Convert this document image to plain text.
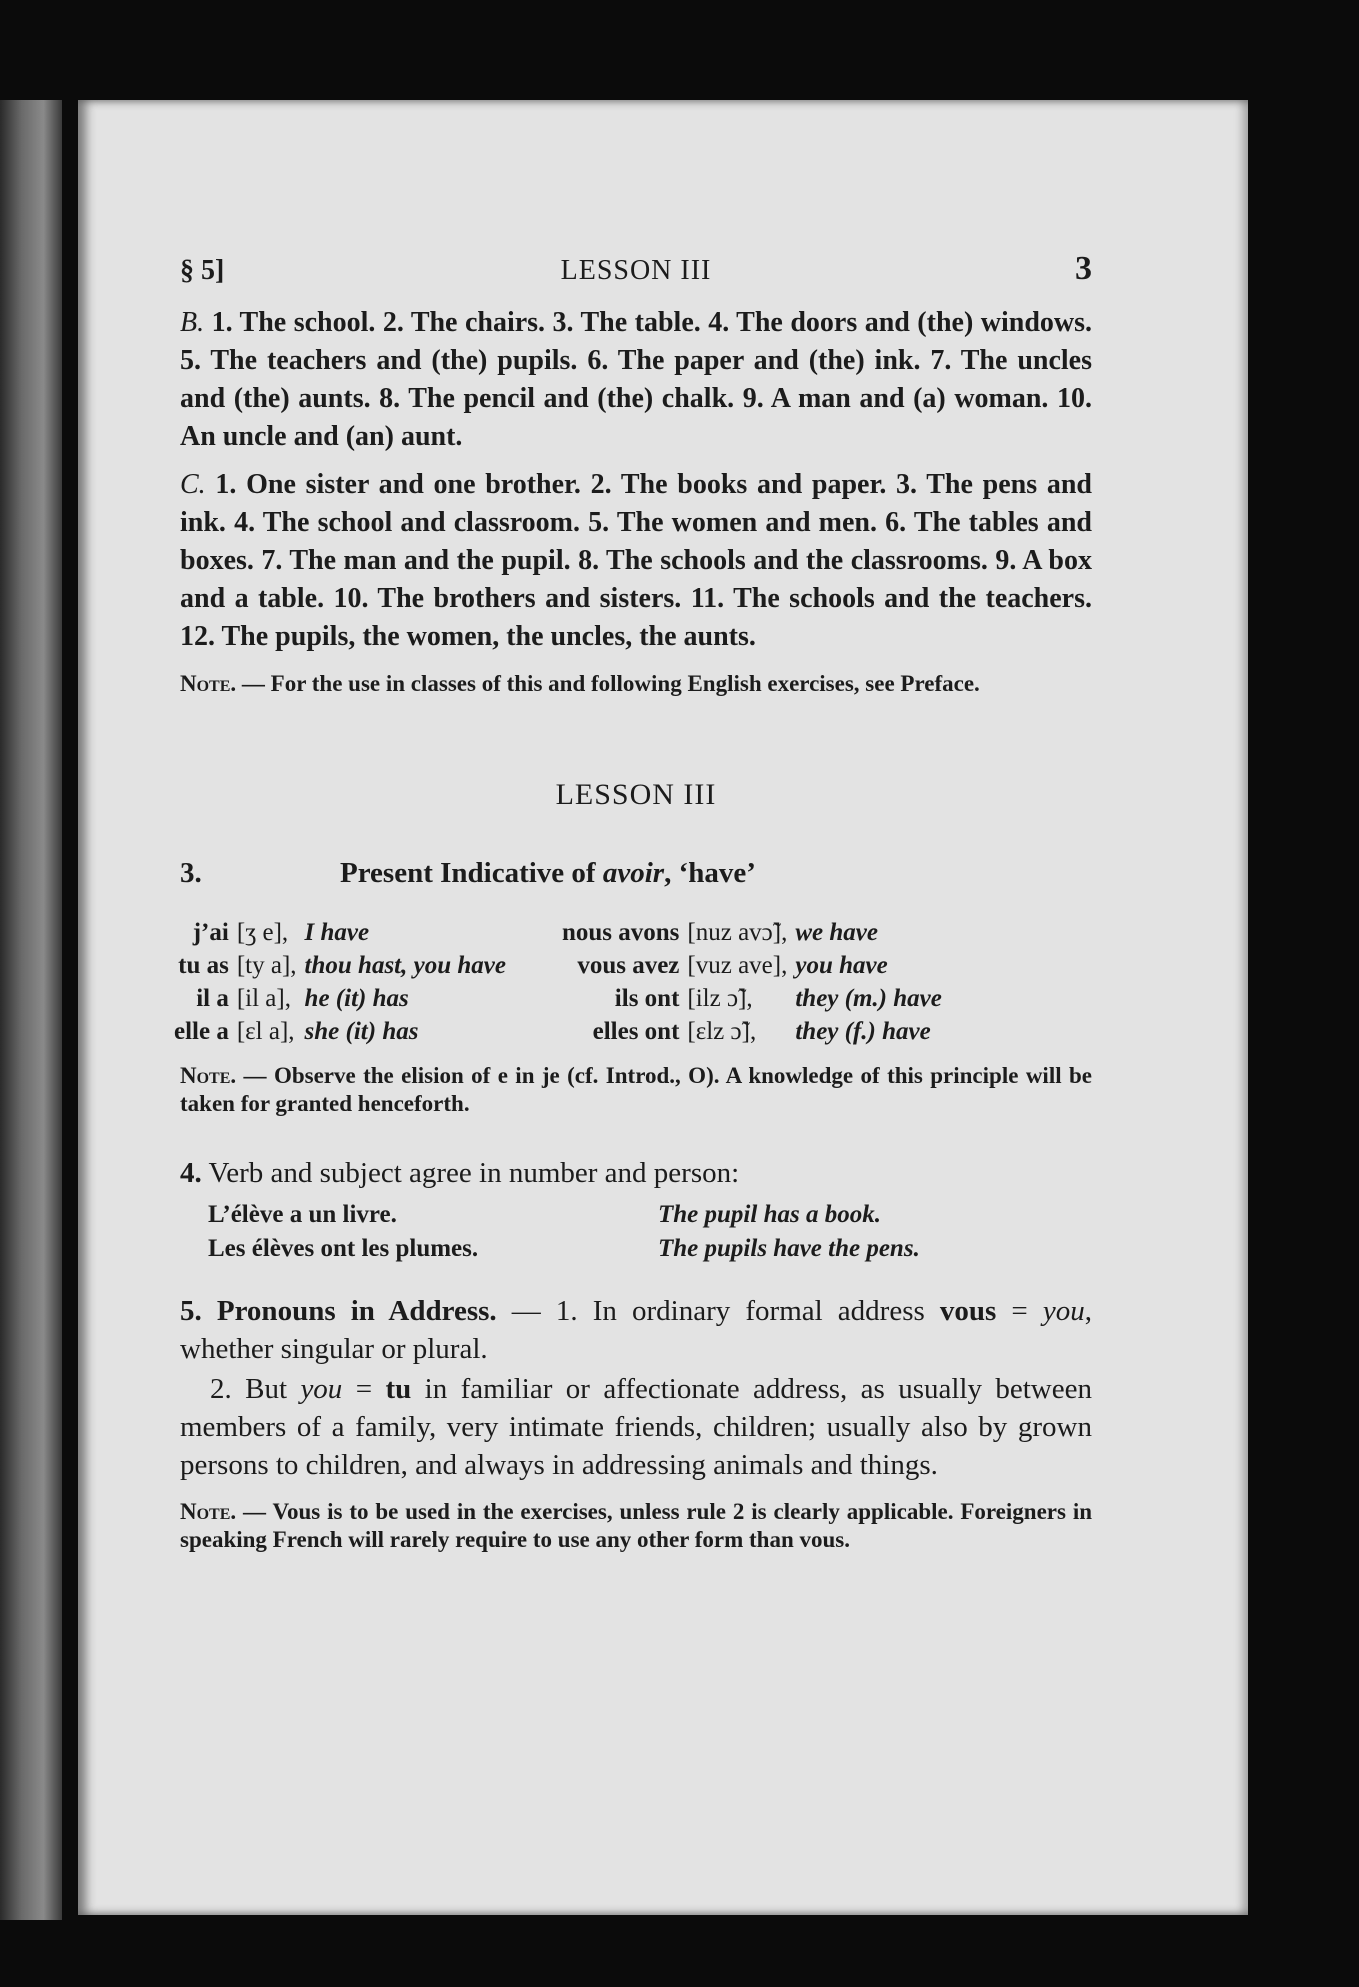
§ 5]	LESSON III	3

B. 1. The school. 2. The chairs. 3. The table. 4. The doors and (the) windows. 5. The teachers and (the) pupils. 6. The paper and (the) ink. 7. The uncles and (the) aunts. 8. The pencil and (the) chalk. 9. A man and (a) woman. 10. An uncle and (an) aunt.

C. 1. One sister and one brother. 2. The books and paper. 3. The pens and ink. 4. The school and classroom. 5. The women and men. 6. The tables and boxes. 7. The man and the pupil. 8. The schools and the classrooms. 9. A box and a table. 10. The brothers and sisters. 11. The schools and the teachers. 12. The pupils, the women, the uncles, the aunts.

Note. — For the use in classes of this and following English exercises, see Preface.

LESSON III
3.	Present Indicative of avoir, ‘have’
j’ai	[ʒ e],	I have		nous avons	[nuz avɔ̃],	we have
tu as	[ty a],	thou hast, you have		vous avez	[vuz ave],	you have
il a	[il a],	he (it) has		ils ont	[ilz ɔ̃],	they (m.) have
elle a	[ɛl a],	she (it) has		elles ont	[ɛlz ɔ̃],	they (f.) have

Note. — Observe the elision of e in je (cf. Introd., O). A knowledge of this principle will be taken for granted henceforth.

4. Verb and subject agree in number and person:

L’élève a un livre.	The pupil has a book.
Les élèves ont les plumes.	The pupils have the pens.

5. Pronouns in Address. — 1. In ordinary formal address vous = you, whether singular or plural.

2. But you = tu in familiar or affectionate address, as usually between members of a family, very intimate friends, children; usually also by grown persons to children, and always in addressing animals and things.

Note. — Vous is to be used in the exercises, unless rule 2 is clearly applicable. Foreigners in speaking French will rarely require to use any other form than vous.
